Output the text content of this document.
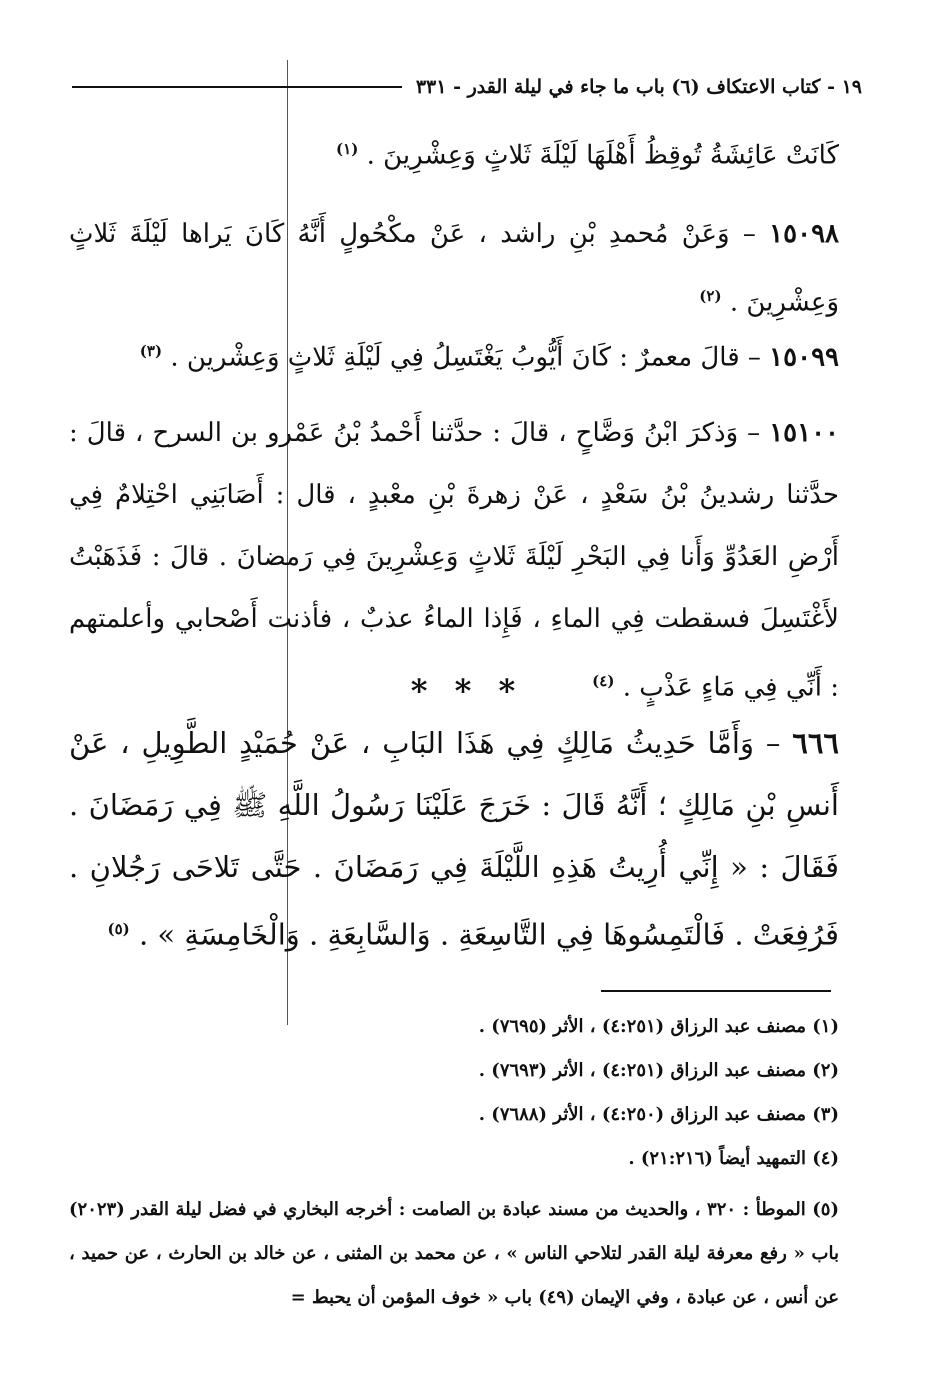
١٩ - كتاب الاعتكاف (٦) باب ما جاء في ليلة القدر - ٣٣١
كَانَتْ عَائِشَةُ تُوقِظُ أَهْلَهَا لَيْلَةَ ثَلاثٍ وَعِشْرِينَ . $^{(١)}$
١٥٠٩٨ – وَعَنْ مُحمدِ بْنِ راشد ، عَنْ مكْحُولٍ أَنَّهُ كَانَ يَراها لَيْلَةَ ثَلاثٍ وَعِشْرِينَ . $^{(٢)}$
١٥٠٩٩ – قالَ معمرٌ : كَانَ أَيُّوبُ يَغْتَسِلُ فِي لَيْلَةِ ثَلاثٍ وَعِشْرين . $^{(٣)}$
١٥١٠٠ – وَذكرَ ابْنُ وَضَّاحٍ ، قالَ : حدَّثنا أَحْمدُ بْنُ عَمْرو بن السرح ، قالَ : حدَّثنا رشدينُ بْنُ سَعْدٍ ، عَنْ زهرةَ بْنِ معْبدٍ ، قال : أَصَابَنِي احْتِلامٌ فِي أَرْضِ العَدُوِّ وَأَنا فِي البَحْرِ لَيْلَةَ ثَلاثٍ وَعِشْرِينَ فِي رَمضانَ . قالَ : فَذَهَبْتُ لأَغْتَسِلَ فسقطت فِي الماءِ ، فَإِذا الماءُ عذبٌ ، فأذنت أَصْحابي وأعلمتهم : أَنِّي فِي مَاءٍ عَذْبٍ . $^{(٤)}$
* * *
٦٦٦ – وَأَمَّا حَدِيثُ مَالِكٍ فِي هَذَا البَابِ ، عَنْ حُمَيْدٍ الطَّوِيلِ ، عَنْ أَنسِ بْنِ مَالِكٍ ؛ أَنَّهُ قَالَ : خَرَجَ عَلَيْنَا رَسُولُ اللَّهِ ﷺ فِي رَمَضَانَ . فَقَالَ : « إِنِّي أُرِيتُ هَذِهِ اللَّيْلَةَ فِي رَمَضَانَ . حَتَّى تَلاحَى رَجُلانِ . فَرُفِعَتْ . فَالْتَمِسُوهَا فِي التَّاسِعَةِ . وَالسَّابِعَةِ . وَالْخَامِسَةِ » . $^{(٥)}$
(١) مصنف عبد الرزاق (٤:٢٥١) ، الأثر (٧٦٩٥) .
(٢) مصنف عبد الرزاق (٤:٢٥١) ، الأثر (٧٦٩٣) .
(٣) مصنف عبد الرزاق (٤:٢٥٠) ، الأثر (٧٦٨٨) .
(٤) التمهيد أيضاً (٢١:٢١٦) .
(٥) الموطأ : ٣٢٠ ، والحديث من مسند عبادة بن الصامت : أخرجه البخاري في فضل ليلة القدر (٢٠٢٣) باب « رفع معرفة ليلة القدر لتلاحي الناس » ، عن محمد بن المثنى ، عن خالد بن الحارث ، عن حميد ، عن أنس ، عن عبادة ، وفي الإيمان (٤٩) باب « خوف المؤمن أن يحبط =
